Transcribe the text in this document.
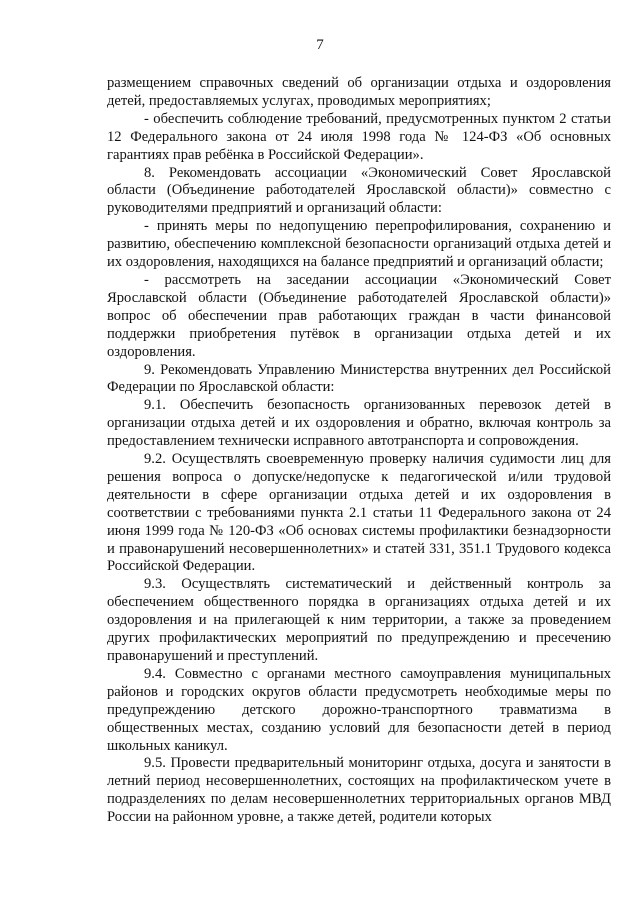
7

размещением справочных сведений об организации отдыха и оздоровления детей, предоставляемых услугах, проводимых мероприятиях;

- обеспечить соблюдение требований, предусмотренных пунктом 2 статьи 12 Федерального закона от 24 июля 1998 года № 124-ФЗ «Об основных гарантиях прав ребёнка в Российской Федерации».

8. Рекомендовать ассоциации «Экономический Совет Ярославской области (Объединение работодателей Ярославской области)» совместно с руководителями предприятий и организаций области:

- принять меры по недопущению перепрофилирования, сохранению и развитию, обеспечению комплексной безопасности организаций отдыха детей и их оздоровления, находящихся на балансе предприятий и организаций области;

- рассмотреть на заседании ассоциации «Экономический Совет Ярославской области (Объединение работодателей Ярославской области)» вопрос об обеспечении прав работающих граждан в части финансовой поддержки приобретения путёвок в организации отдыха детей и их оздоровления.

9. Рекомендовать Управлению Министерства внутренних дел Российской Федерации по Ярославской области:

9.1. Обеспечить безопасность организованных перевозок детей в организации отдыха детей и их оздоровления и обратно, включая контроль за предоставлением технически исправного автотранспорта и сопровождения.

9.2. Осуществлять своевременную проверку наличия судимости лиц для решения вопроса о допуске/недопуске к педагогической и/или трудовой деятельности в сфере организации отдыха детей и их оздоровления в соответствии с требованиями пункта 2.1 статьи 11 Федерального закона от 24 июня 1999 года № 120-ФЗ «Об основах системы профилактики безнадзорности и правонарушений несовершеннолетних» и статей 331, 351.1 Трудового кодекса Российской Федерации.

9.3. Осуществлять систематический и действенный контроль за обеспечением общественного порядка в организациях отдыха детей и их оздоровления и на прилегающей к ним территории, а также за проведением других профилактических мероприятий по предупреждению и пресечению правонарушений и преступлений.

9.4. Совместно с органами местного самоуправления муниципальных районов и городских округов области предусмотреть необходимые меры по предупреждению детского дорожно-транспортного травматизма в общественных местах, созданию условий для безопасности детей в период школьных каникул.

9.5. Провести предварительный мониторинг отдыха, досуга и занятости в летний период несовершеннолетних, состоящих на профилактическом учете в подразделениях по делам несовершеннолетних территориальных органов МВД России на районном уровне, а также детей, родители которых
